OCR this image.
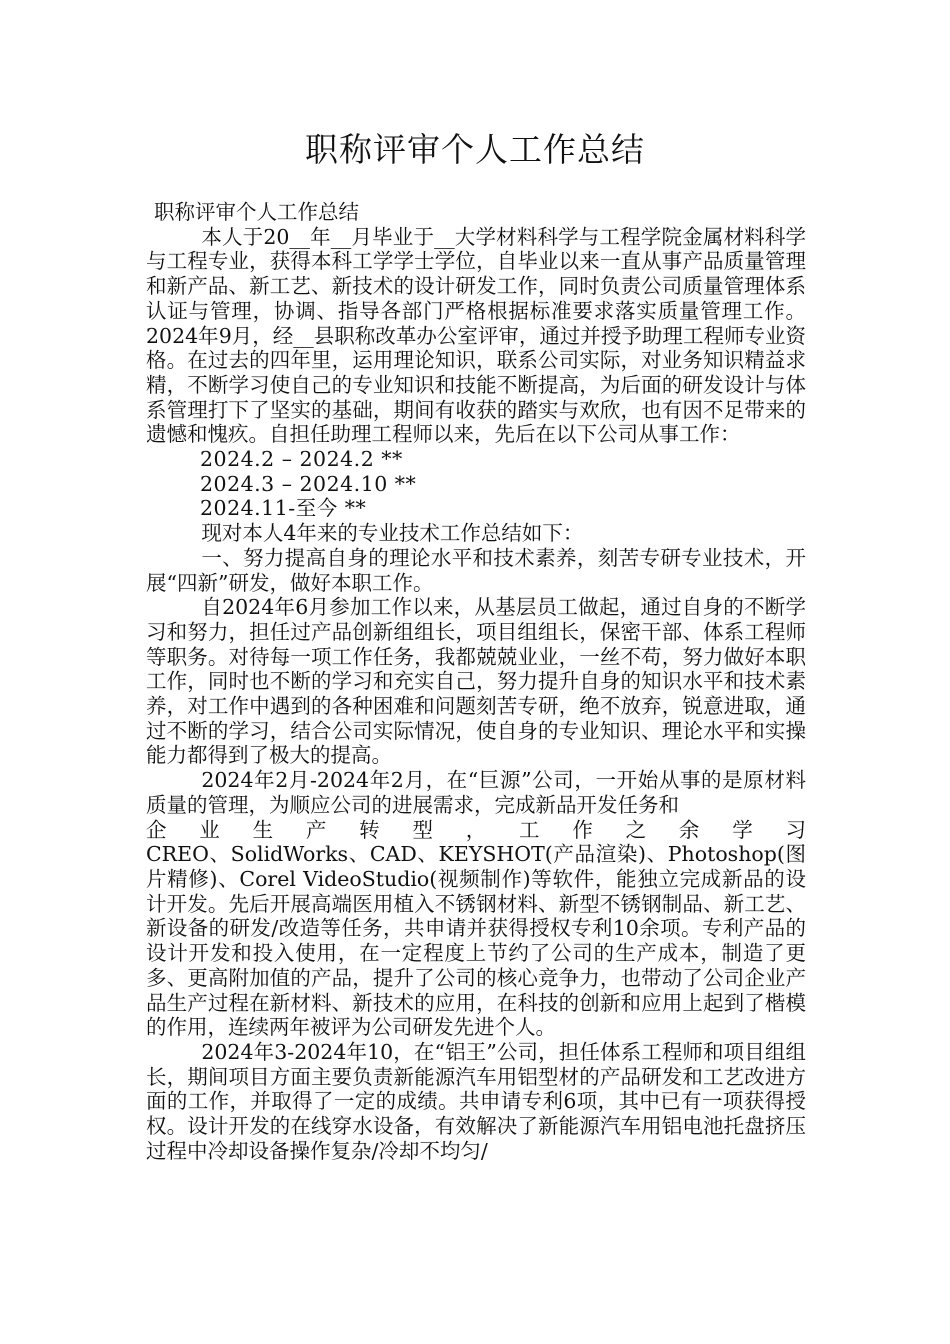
职称评审个人工作总结

职称评审个人工作总结

本人于20__年__月毕业于__大学材料科学与工程学院金属材料科学与工程专业，获得本科工学学士学位，自毕业以来一直从事产品质量管理和新产品、新工艺、新技术的设计研发工作，同时负责公司质量管理体系认证与管理，协调、指导各部门严格根据标准要求落实质量管理工作。2024年9月，经__县职称改革办公室评审，通过并授予助理工程师专业资格。在过去的四年里，运用理论知识，联系公司实际，对业务知识精益求精，不断学习使自己的专业知识和技能不断提高，为后面的研发设计与体系管理打下了坚实的基础，期间有收获的踏实与欢欣，也有因不足带来的遗憾和愧疚。自担任助理工程师以来，先后在以下公司从事工作：

2024.2 – 2024.2 **

2024.3 – 2024.10 **

2024.11-至今 **

现对本人4年来的专业技术工作总结如下：

一、努力提高自身的理论水平和技术素养，刻苦专研专业技术，开展“四新”研发，做好本职工作。

自2024年6月参加工作以来，从基层员工做起，通过自身的不断学习和努力，担任过产品创新组组长，项目组组长，保密干部、体系工程师等职务。对待每一项工作任务，我都兢兢业业，一丝不苟，努力做好本职工作，同时也不断的学习和充实自己，努力提升自身的知识水平和技术素养，对工作中遇到的各种困难和问题刻苦专研，绝不放弃，锐意进取，通过不断的学习，结合公司实际情况，使自身的专业知识、理论水平和实操能力都得到了极大的提高。

2024年2月-2024年2月，在“巨源”公司，一开始从事的是原材料质量的管理，为顺应公司的进展需求，完成新品开发任务和

企业生产转型，工作之余学习

CREO、SolidWorks、CAD、KEYSHOT(产品渲染)、Photoshop(图片精修)、Corel VideoStudio(视频制作)等软件，能独立完成新品的设计开发。先后开展高端医用植入不锈钢材料、新型不锈钢制品、新工艺、新设备的研发/改造等任务，共申请并获得授权专利10余项。专利产品的设计开发和投入使用，在一定程度上节约了公司的生产成本，制造了更多、更高附加值的产品，提升了公司的核心竞争力，也带动了公司企业产品生产过程在新材料、新技术的应用，在科技的创新和应用上起到了楷模的作用，连续两年被评为公司研发先进个人。

2024年3-2024年10，在“铝王”公司，担任体系工程师和项目组组长，期间项目方面主要负责新能源汽车用铝型材的产品研发和工艺改进方面的工作，并取得了一定的成绩。共申请专利6项，其中已有一项获得授权。设计开发的在线穿水设备，有效解决了新能源汽车用铝电池托盘挤压过程中冷却设备操作复杂/冷却不均匀/
